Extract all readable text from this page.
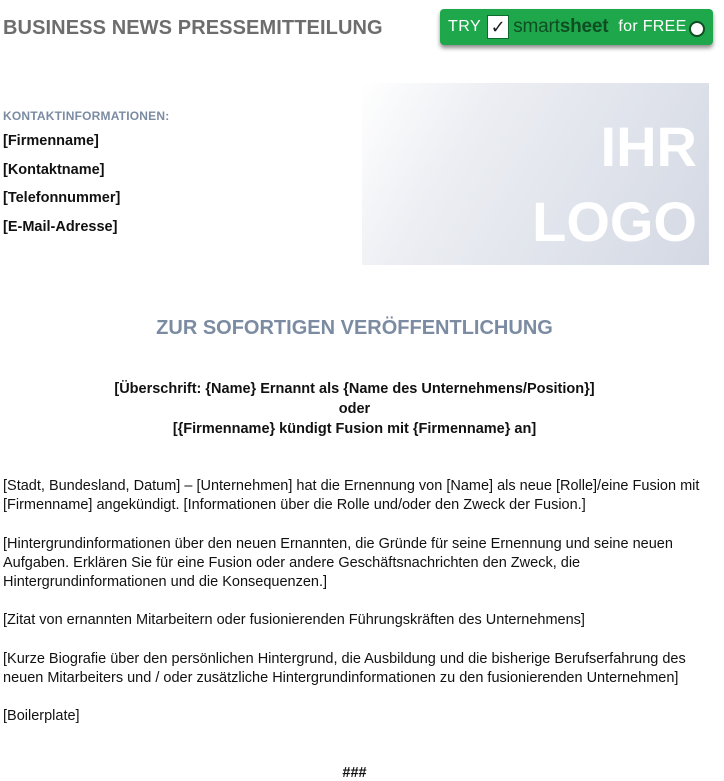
BUSINESS NEWS PRESSEMITTEILUNG	TRY ✓ smartsheet for FREE
KONTAKTINFORMATIONEN:
[Firmenname]
[Kontaktname]
[Telefonnummer]
[E-Mail-Adresse]
IHR
LOGO
ZUR SOFORTIGEN VERÖFFENTLICHUNG
[Überschrift: {Name} Ernannt als {Name des Unternehmens/Position}]
oder
[{Firmenname} kündigt Fusion mit {Firmenname} an]
[Stadt, Bundesland, Datum] – [Unternehmen] hat die Ernennung von [Name] als neue [Rolle]/eine Fusion mit [Firmenname] angekündigt. [Informationen über die Rolle und/oder den Zweck der Fusion.]
[Hintergrundinformationen über den neuen Ernannten, die Gründe für seine Ernennung und seine neuen Aufgaben. Erklären Sie für eine Fusion oder andere Geschäftsnachrichten den Zweck, die Hintergrundinformationen und die Konsequenzen.]
[Zitat von ernannten Mitarbeitern oder fusionierenden Führungskräften des Unternehmens]
[Kurze Biografie über den persönlichen Hintergrund, die Ausbildung und die bisherige Berufserfahrung des neuen Mitarbeiters und / oder zusätzliche Hintergrundinformationen zu den fusionierenden Unternehmen]
[Boilerplate]
###
